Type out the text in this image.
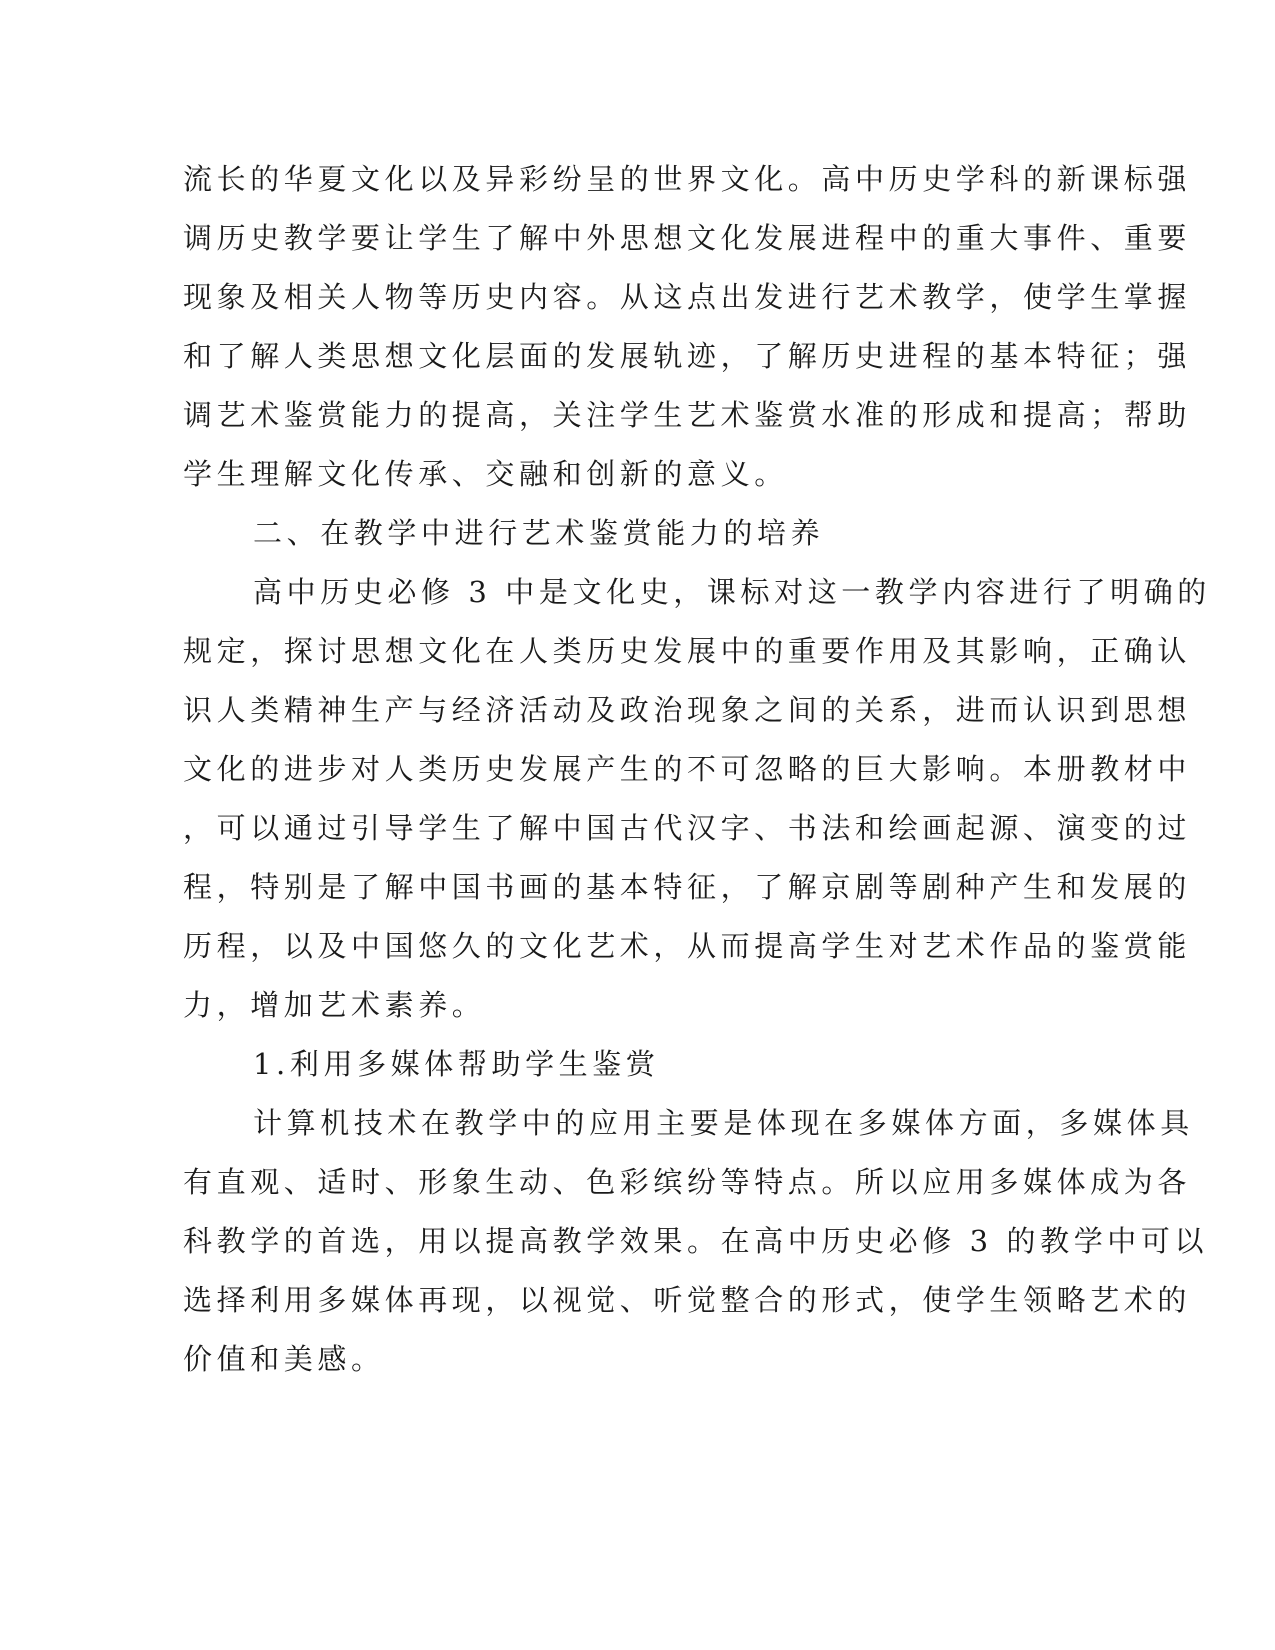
流长的华夏文化以及异彩纷呈的世界文化。高中历史学科的新课标强
调历史教学要让学生了解中外思想文化发展进程中的重大事件、重要
现象及相关人物等历史内容。从这点出发进行艺术教学，使学生掌握
和了解人类思想文化层面的发展轨迹，了解历史进程的基本特征；强
调艺术鉴赏能力的提高，关注学生艺术鉴赏水准的形成和提高；帮助
学生理解文化传承、交融和创新的意义。
二、在教学中进行艺术鉴赏能力的培养
高中历史必修 3 中是文化史，课标对这一教学内容进行了明确的
规定，探讨思想文化在人类历史发展中的重要作用及其影响，正确认
识人类精神生产与经济活动及政治现象之间的关系，进而认识到思想
文化的进步对人类历史发展产生的不可忽略的巨大影响。本册教材中
，可以通过引导学生了解中国古代汉字、书法和绘画起源、演变的过
程，特别是了解中国书画的基本特征，了解京剧等剧种产生和发展的
历程，以及中国悠久的文化艺术，从而提高学生对艺术作品的鉴赏能
力，增加艺术素养。
1.利用多媒体帮助学生鉴赏
计算机技术在教学中的应用主要是体现在多媒体方面，多媒体具
有直观、适时、形象生动、色彩缤纷等特点。所以应用多媒体成为各
科教学的首选，用以提高教学效果。在高中历史必修 3 的教学中可以
选择利用多媒体再现，以视觉、听觉整合的形式，使学生领略艺术的
价值和美感。
